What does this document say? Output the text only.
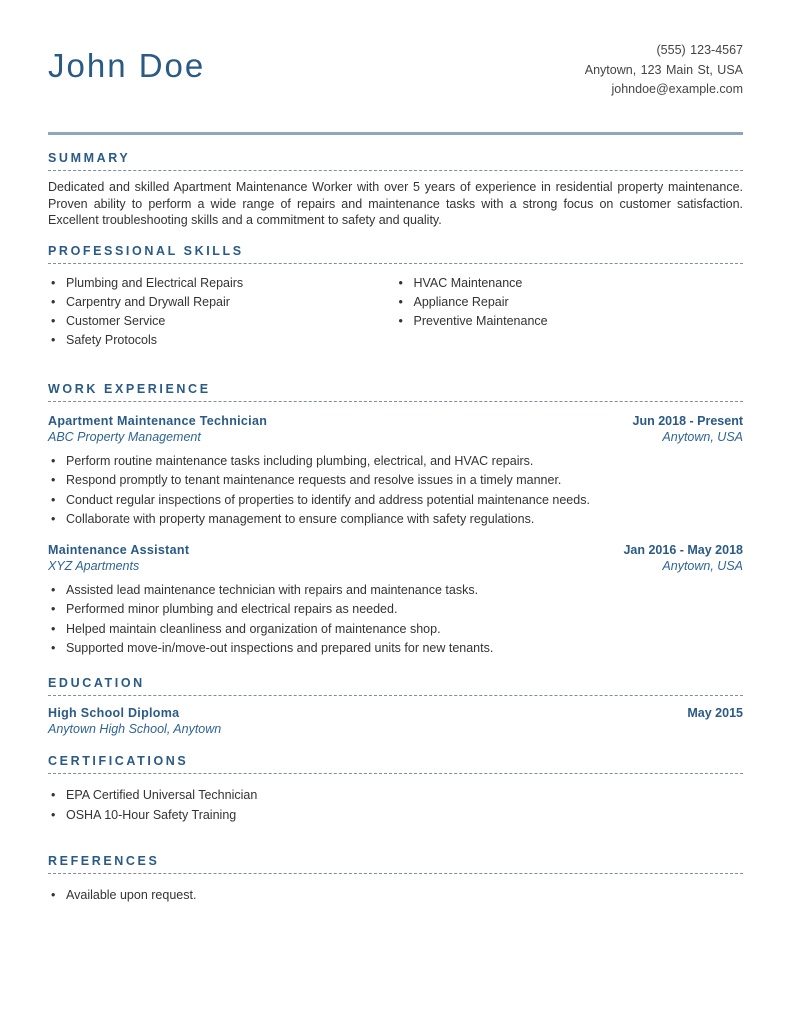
John Doe	(555) 123-4567
Anytown, 123 Main St, USA
johndoe@example.com
SUMMARY

Dedicated and skilled Apartment Maintenance Worker with over 5 years of experience in residential property maintenance. Proven ability to perform a wide range of repairs and maintenance tasks with a strong focus on customer satisfaction. Excellent troubleshooting skills and a commitment to safety and quality.

PROFESSIONAL SKILLS
• Plumbing and Electrical Repairs
• Carpentry and Drywall Repair
• Customer Service
• Safety Protocols
• HVAC Maintenance
• Appliance Repair
• Preventive Maintenance
WORK EXPERIENCE
Apartment Maintenance Technician	Jun 2018 - Present
ABC Property Management	Anytown, USA
• Perform routine maintenance tasks including plumbing, electrical, and HVAC repairs.
• Respond promptly to tenant maintenance requests and resolve issues in a timely manner.
• Conduct regular inspections of properties to identify and address potential maintenance needs.
• Collaborate with property management to ensure compliance with safety regulations.
Maintenance Assistant	Jan 2016 - May 2018
XYZ Apartments	Anytown, USA
• Assisted lead maintenance technician with repairs and maintenance tasks.
• Performed minor plumbing and electrical repairs as needed.
• Helped maintain cleanliness and organization of maintenance shop.
• Supported move-in/move-out inspections and prepared units for new tenants.
EDUCATION
High School Diploma	May 2015
Anytown High School, Anytown
CERTIFICATIONS
• EPA Certified Universal Technician
• OSHA 10-Hour Safety Training
REFERENCES
• Available upon request.
